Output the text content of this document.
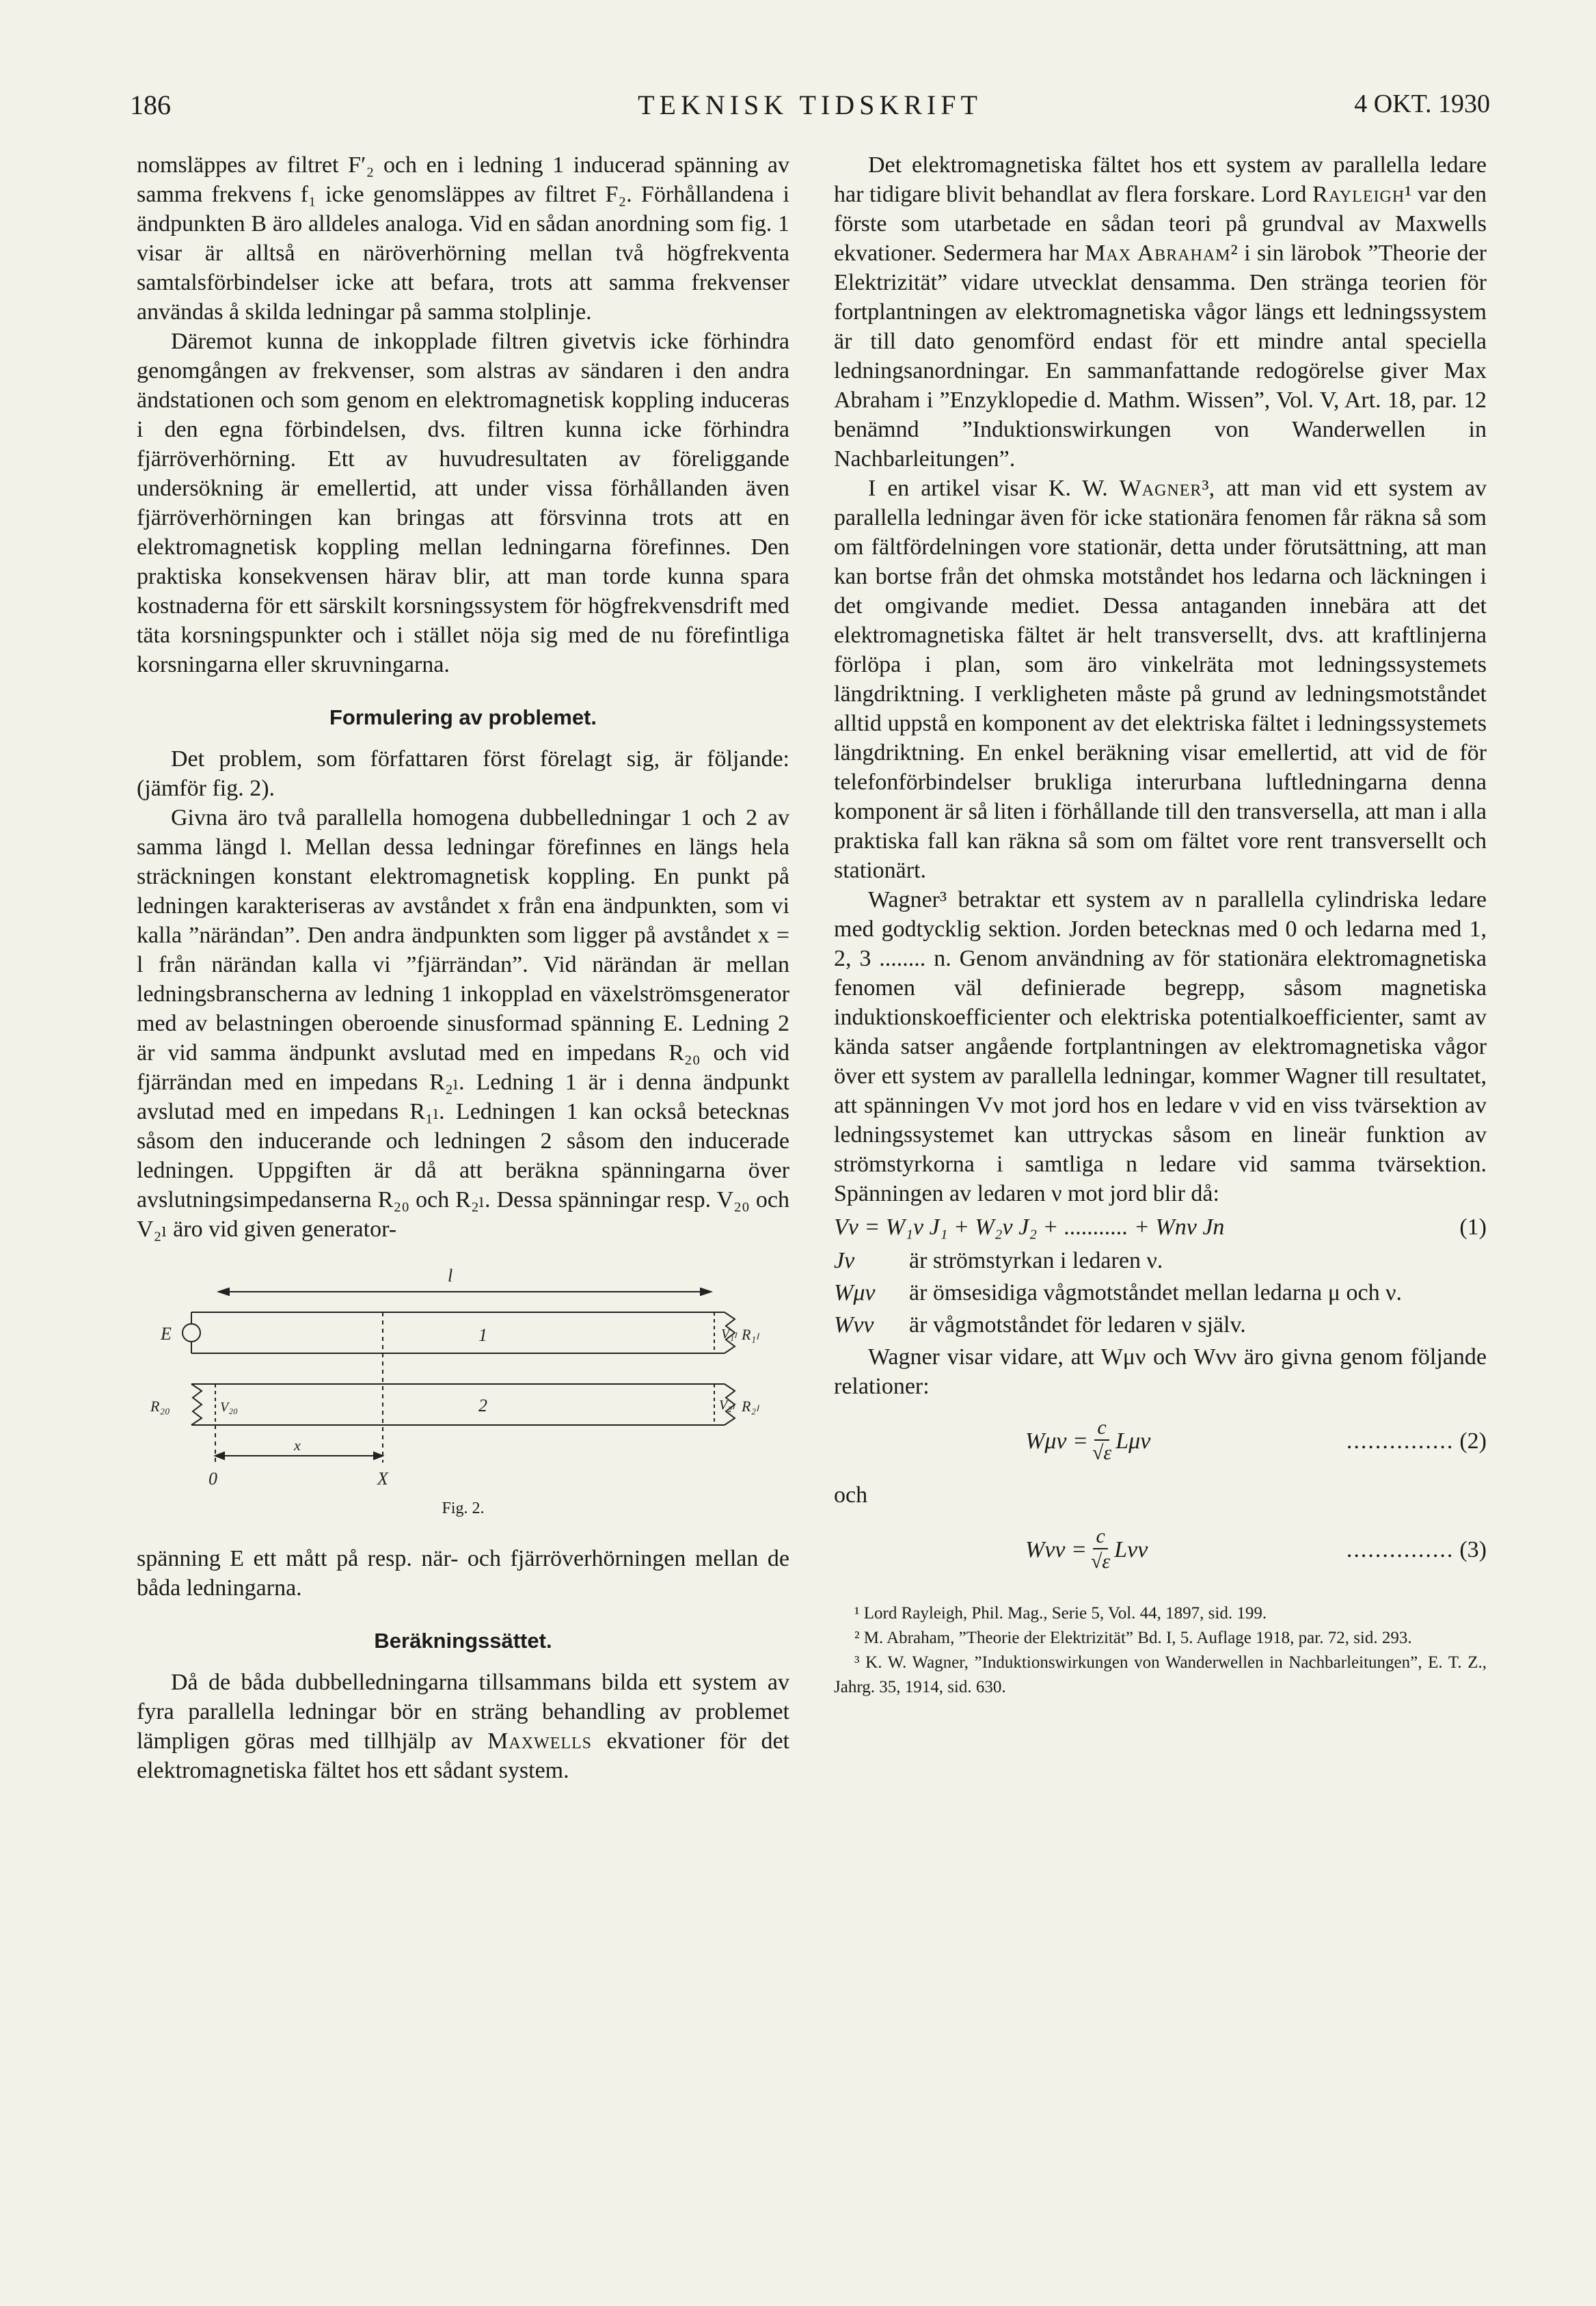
186	TEKNISK TIDSKRIFT	4 OKT. 1930

nomsläppes av filtret F′₂ och en i ledning 1 inducerad spänning av samma frekvens f₁ icke genomsläppes av filtret F₂. Förhållandena i ändpunkten B äro alldeles analoga. Vid en sådan anordning som fig. 1 visar är alltså en näröverhörning mellan två högfrekventa samtalsförbindelser icke att befara, trots att samma frekvenser användas å skilda ledningar på samma stolplinje.

Däremot kunna de inkopplade filtren givetvis icke förhindra genomgången av frekvenser, som alstras av sändaren i den andra ändstationen och som genom en elektromagnetisk koppling induceras i den egna förbindelsen, dvs. filtren kunna icke förhindra fjärröverhörning. Ett av huvudresultaten av föreliggande undersökning är emellertid, att under vissa förhållanden även fjärröverhörningen kan bringas att försvinna trots att en elektromagnetisk koppling mellan ledningarna förefinnes. Den praktiska konsekvensen härav blir, att man torde kunna spara kostnaderna för ett särskilt korsningssystem för högfrekvensdrift med täta korsningspunkter och i stället nöja sig med de nu förefintliga korsningarna eller skruvningarna.

Formulering av problemet.

Det problem, som författaren först förelagt sig, är följande: (jämför fig. 2).

Givna äro två parallella homogena dubbelledningar 1 och 2 av samma längd l. Mellan dessa ledningar förefinnes en längs hela sträckningen konstant elektromagnetisk koppling. En punkt på ledningen karakteriseras av avståndet x från ena ändpunkten, som vi kalla ”närändan”. Den andra ändpunkten som ligger på avståndet x = l från närändan kalla vi ”fjärrändan”. Vid närändan är mellan ledningsbranscherna av ledning 1 inkopplad en växelströmsgenerator med av belastningen oberoende sinusformad spänning E. Ledning 2 är vid samma ändpunkt avslutad med en impedans R₂₀ och vid fjärrändan med en impedans R₂ₗ. Ledning 1 är i denna ändpunkt avslutad med en impedans R₁ₗ. Ledningen 1 kan också betecknas såsom den inducerande och ledningen 2 såsom den inducerade ledningen. Uppgiften är då att beräkna spänningarna över avslutningsimpedanserna R₂₀ och R₂ₗ. Dessa spänningar resp. V₂₀ och V₂ₗ äro vid given generator-

l
E	1	V₁ₗ R₁ₗ
R₂₀	V₂₀	2	V₂ₗ R₂ₗ
x
0	X
Fig. 2.

spänning E ett mått på resp. när- och fjärröverhörningen mellan de båda ledningarna.

Beräkningssättet.

Då de båda dubbelledningarna tillsammans bilda ett system av fyra parallella ledningar bör en sträng behandling av problemet lämpligen göras med tillhjälp av Maxwells ekvationer för det elektromagnetiska fältet hos ett sådant system.

Det elektromagnetiska fältet hos ett system av parallella ledare har tidigare blivit behandlat av flera forskare. Lord Rayleigh¹ var den förste som utarbetade en sådan teori på grundval av Maxwells ekvationer. Sedermera har Max Abraham² i sin lärobok ”Theorie der Elektrizität” vidare utvecklat densamma. Den stränga teorien för fortplantningen av elektromagnetiska vågor längs ett ledningssystem är till dato genomförd endast för ett mindre antal speciella ledningsanordningar. En sammanfattande redogörelse giver Max Abraham i ”Enzyklopedie d. Mathm. Wissen”, Vol. V, Art. 18, par. 12 benämnd ”Induktionswirkungen von Wanderwellen in Nachbarleitungen”.

I en artikel visar K. W. Wagner³, att man vid ett system av parallella ledningar även för icke stationära fenomen får räkna så som om fältfördelningen vore stationär, detta under förutsättning, att man kan bortse från det ohmska motståndet hos ledarna och läckningen i det omgivande mediet. Dessa antaganden innebära att det elektromagnetiska fältet är helt transversellt, dvs. att kraftlinjerna förlöpa i plan, som äro vinkelräta mot ledningssystemets längdriktning. I verkligheten måste på grund av ledningsmotståndet alltid uppstå en komponent av det elektriska fältet i ledningssystemets längdriktning. En enkel beräkning visar emellertid, att vid de för telefonförbindelser brukliga interurbana luftledningarna denna komponent är så liten i förhållande till den transversella, att man i alla praktiska fall kan räkna så som om fältet vore rent transversellt och stationärt.

Wagner³ betraktar ett system av n parallella cylindriska ledare med godtycklig sektion. Jorden betecknas med 0 och ledarna med 1, 2, 3 ........ n. Genom användning av för stationära elektromagnetiska fenomen väl definierade begrepp, såsom magnetiska induktionskoefficienter och elektriska potentialkoefficienter, samt av kända satser angående fortplantningen av elektromagnetiska vågor över ett system av parallella ledningar, kommer Wagner till resultatet, att spänningen Vν mot jord hos en ledare ν vid en viss tvärsektion av ledningssystemet kan uttryckas såsom en lineär funktion av strömstyrkorna i samtliga n ledare vid samma tvärsektion. Spänningen av ledaren ν mot jord blir då:

Vν = W₁ν J₁ + W₂ν J₂ + ........... + Wnν Jn	(1)
Jν	är strömstyrkan i ledaren ν.
Wμν	är ömsesidiga vågmotståndet mellan ledarna μ och ν.
Wνν	är vågmotståndet för ledaren ν själv.

Wagner visar vidare, att Wμν och Wνν äro givna genom följande relationer:

$W\mu\nu = \frac{c}{√\varepsilon}$ Lμν	............... (2)

och

$W\nu\nu = \frac{c}{√\varepsilon}$ Lνν	............... (3)

¹ Lord Rayleigh, Phil. Mag., Serie 5, Vol. 44, 1897, sid. 199.

² M. Abraham, ”Theorie der Elektrizität” Bd. I, 5. Auflage 1918, par. 72, sid. 293.

³ K. W. Wagner, ”Induktionswirkungen von Wanderwellen in Nachbarleitungen”, E. T. Z., Jahrg. 35, 1914, sid. 630.
